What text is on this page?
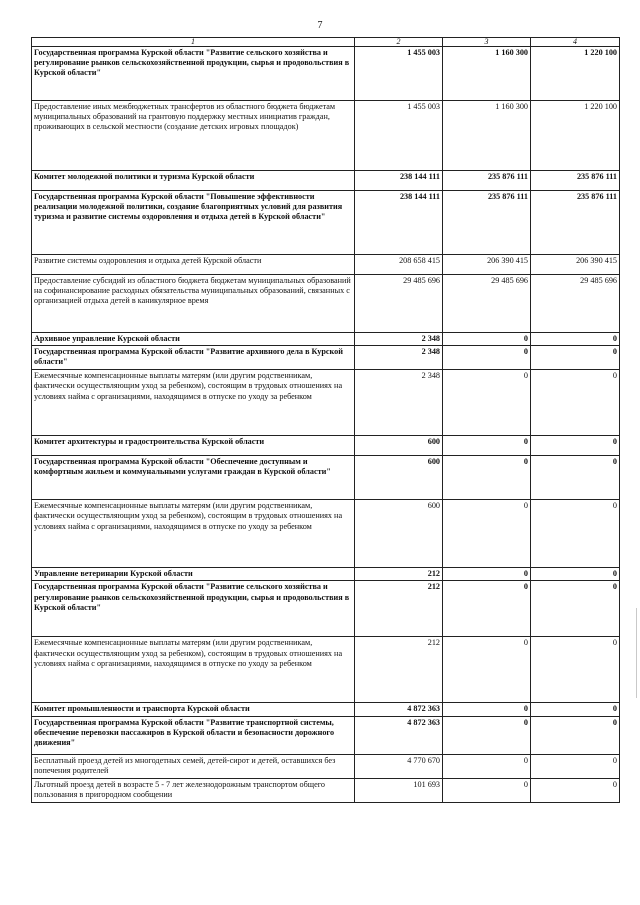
7
1	2	3	4
Государственная программа Курской области "Развитие сельского хозяйства и регулирование рынков сельскохозяйственной продукции, сырья и продовольствия в Курской области"	1 455 003	1 160 300	1 220 100
Предоставление иных межбюджетных трансфертов из областного бюджета бюджетам муниципальных образований на грантовую поддержку местных инициатив граждан, проживающих в сельской местности (создание детских игровых площадок)	1 455 003	1 160 300	1 220 100
Комитет молодежной политики и туризма Курской области	238 144 111	235 876 111	235 876 111
Государственная программа Курской области "Повышение эффективности реализации молодежной политики, создание благоприятных условий для развития туризма и развитие системы оздоровления и отдыха детей в Курской области"	238 144 111	235 876 111	235 876 111
Развитие системы оздоровления и отдыха детей Курской области	208 658 415	206 390 415	206 390 415
Предоставление субсидий из областного бюджета бюджетам муниципальных образований на софинансирование расходных обязательства муниципальных образований, связанных с организацией отдыха детей в каникулярное время	29 485 696	29 485 696	29 485 696
Архивное управление Курской области	2 348	0	0
Государственная программа Курской области "Развитие архивного дела в Курской области"	2 348	0	0
Ежемесячные компенсационные выплаты матерям (или другим родственникам, фактически осуществляющим уход за ребенком), состоящим в трудовых отношениях на условиях найма с организациями, находящимся в отпуске по уходу за ребенком	2 348	0	0
Комитет архитектуры и градостроительства Курской области	600	0	0
Государственная программа Курской области "Обеспечение доступным и комфортным жильем и коммунальными услугами граждан в Курской области"	600	0	0
Ежемесячные компенсационные выплаты матерям (или другим родственникам, фактически осуществляющим уход за ребенком), состоящим в трудовых отношениях на условиях найма с организациями, находящимся в отпуске по уходу за ребенком	600	0	0
Управление ветеринарии Курской области	212	0	0
Государственная программа Курской области "Развитие сельского хозяйства и регулирование рынков сельскохозяйственной продукции, сырья и продовольствия в Курской области"	212	0	0
Ежемесячные компенсационные выплаты матерям (или другим родственникам, фактически осуществляющим уход за ребенком), состоящим в трудовых отношениях на условиях найма с организациями, находящимся в отпуске по уходу за ребенком	212	0	0
Комитет промышленности и транспорта Курской области	4 872 363	0	0
Государственная программа Курской области "Развитие транспортной системы, обеспечение перевозки пассажиров в Курской области и безопасности дорожного движения"	4 872 363	0	0
Бесплатный проезд детей из многодетных семей, детей-сирот и детей, оставшихся без попечения родителей	4 770 670	0	0
Льготный проезд детей в возрасте 5 - 7 лет железнодорожным транспортом общего пользования в пригородном сообщении	101 693	0	0
